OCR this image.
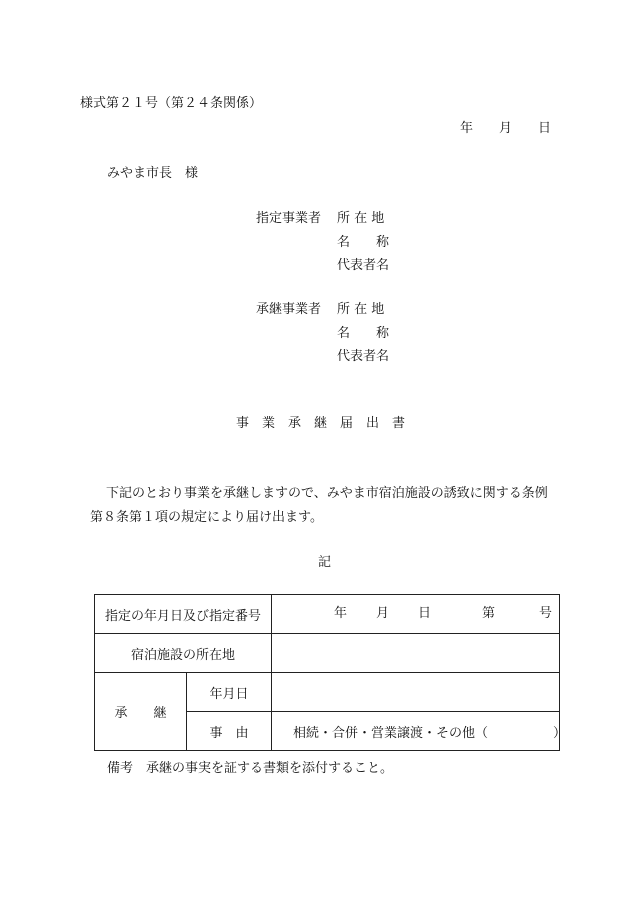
様式第２１号（第２４条関係）
年　　月　　日
みやま市長　様
指定事業者 所 在 地
名　　称
代表者名
承継事業者 所 在 地
名　　称
代表者名
事　業　承　継　届　出　書
下記のとおり事業を承継しますので、みやま市宿泊施設の誘致に関する条例
第８条第１項の規定により届け出ます。
記
指定の年月日及び指定番号		年 月 日 第 号

宿泊施設の所在地		
承　　継	年月日	
	事　由	相続・合併・営業譲渡・その他（　　　　　）
備考　承継の事実を証する書類を添付すること。
